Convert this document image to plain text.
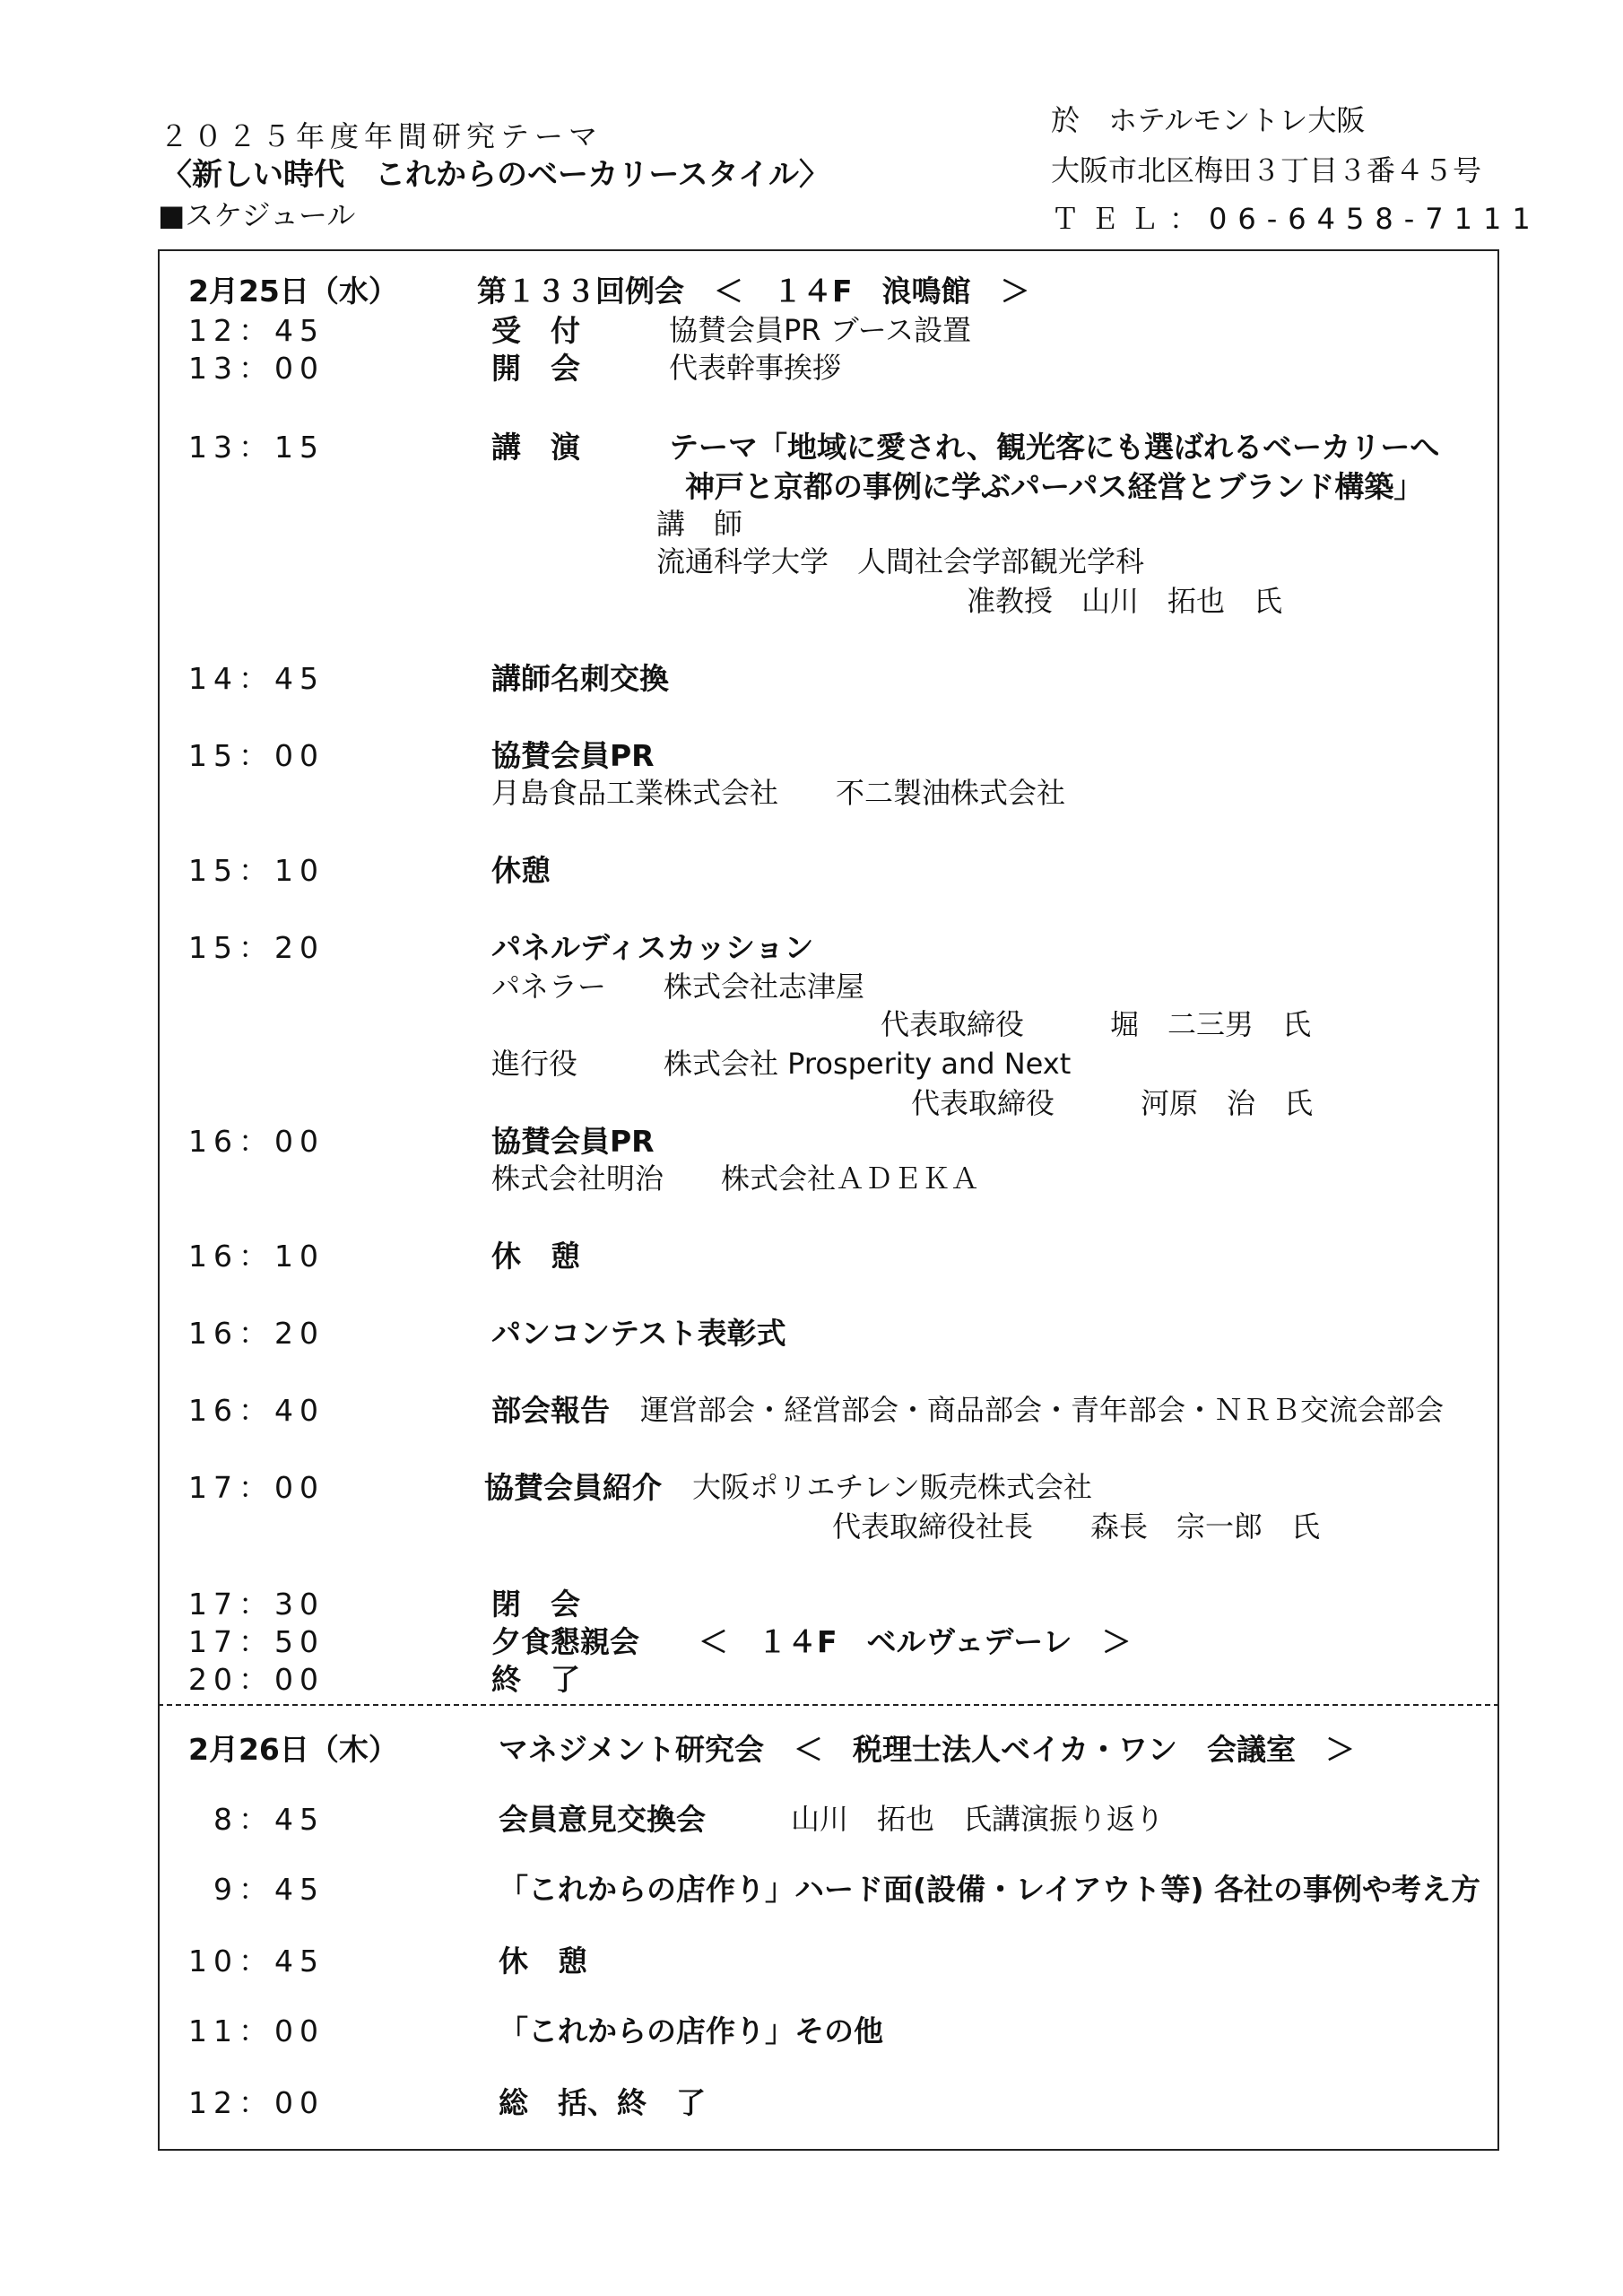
２０２５年度年間研究テーマ
〈新しい時代　これからのベーカリースタイル〉
■スケジュール
於　ホテルモントレ大阪
大阪市北区梅田３丁目３番４５号
ＴＥＬ：06-6458-7111
2月25日（水）	第１３３回例会　＜　１４F　浪鳴館　＞
12：45	受　付	協賛会員PR ブース設置
13：00	開　会	代表幹事挨拶
13：15	講　演	テーマ「地域に愛され、観光客にも選ばれるベーカリーへ
神戸と京都の事例に学ぶパーパス経営とブランド構築」
講　師
流通科学大学　人間社会学部観光学科
准教授　山川　拓也　氏
14：45	講師名刺交換
15：00	協賛会員PR
月島食品工業株式会社　　不二製油株式会社
15：10	休憩
15：20	パネルディスカッション
パネラー　　株式会社志津屋
代表取締役　　　堀　二三男　氏
進行役　　　株式会社 Prosperity and Next
代表取締役　　　河原　治　氏
16：00	協賛会員PR
株式会社明治　　株式会社ＡＤＥＫＡ
16：10	休　憩
16：20	パンコンテスト表彰式
16：40	部会報告 運営部会・経営部会・商品部会・青年部会・ＮＲＢ交流会部会
17：00	協賛会員紹介 大阪ポリエチレン販売株式会社
代表取締役社長　　森長　宗一郎　氏
17：30	閉　会
17：50	夕食懇親会　　＜　１４F　ベルヴェデーレ　＞
20：00	終　了
2月26日（木）	マネジメント研究会　＜　税理士法人ベイカ・ワン　会議室　＞
8：45	会員意見交換会	山川　拓也　氏講演振り返り
9：45	「これからの店作り」ハード面(設備・レイアウト等) 各社の事例や考え方
10：45	休　憩
11：00	「これからの店作り」その他
12：00	総　括、終　了
